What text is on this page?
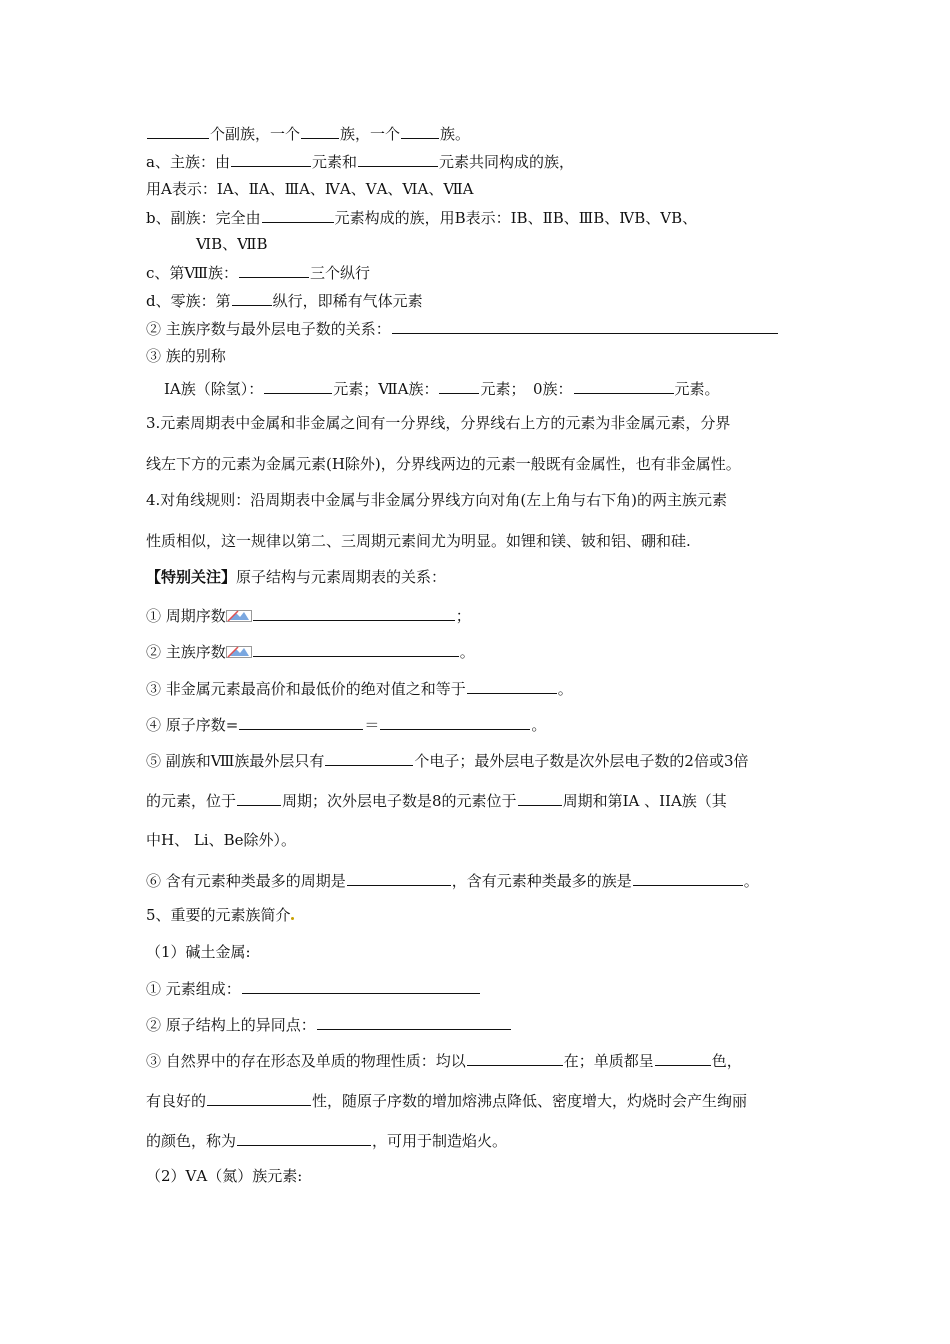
个副族，一个	族，一个	族。
a、主族：由	元素和	元素共同构成的族，
用A表示：ⅠA、ⅡA、ⅢA、ⅣA、ⅤA、ⅥA、ⅦA
b、副族：完全由	元素构成的族，用B表示：ⅠB、ⅡB、ⅢB、ⅣB、ⅤB、
ⅥB、ⅦB
c、第Ⅷ族：	三个纵行
d、零族：第	纵行，即稀有气体元素
② 主族序数与最外层电子数的关系：
③ 族的别称
ⅠA族（除氢）：	元素；ⅦA族：	元素；　0族：	元素。
3.元素周期表中金属和非金属之间有一分界线，分界线右上方的元素为非金属元素，分界
线左下方的元素为金属元素(H除外)，分界线两边的元素一般既有金属性，也有非金属性。
4.对角线规则：沿周期表中金属与非金属分界线方向对角(左上角与右下角)的两主族元素
性质相似，这一规律以第二、三周期元素间尤为明显。如锂和镁、铍和铝、硼和硅.
【特别关注】原子结构与元素周期表的关系：
① 周期序数	；
② 主族序数	。
③ 非金属元素最高价和最低价的绝对值之和等于	。
④ 原子序数=	＝	。
⑤ 副族和Ⅷ族最外层只有	个电子；最外层电子数是次外层电子数的2倍或3倍
的元素，位于	周期；次外层电子数是8的元素位于	周期和第IA 、IIA族（其
中H、 Li、Be除外）。
⑥ 含有元素种类最多的周期是	，含有元素种类最多的族是	。
5、重要的元素族简介
（1）碱土金属:
① 元素组成：
② 原子结构上的异同点：
③ 自然界中的存在形态及单质的物理性质：均以	在；单质都呈	色，
有良好的	性，随原子序数的增加熔沸点降低、密度增大，灼烧时会产生绚丽
的颜色，称为	，可用于制造焰火。
（2）ⅤA（氮）族元素:
